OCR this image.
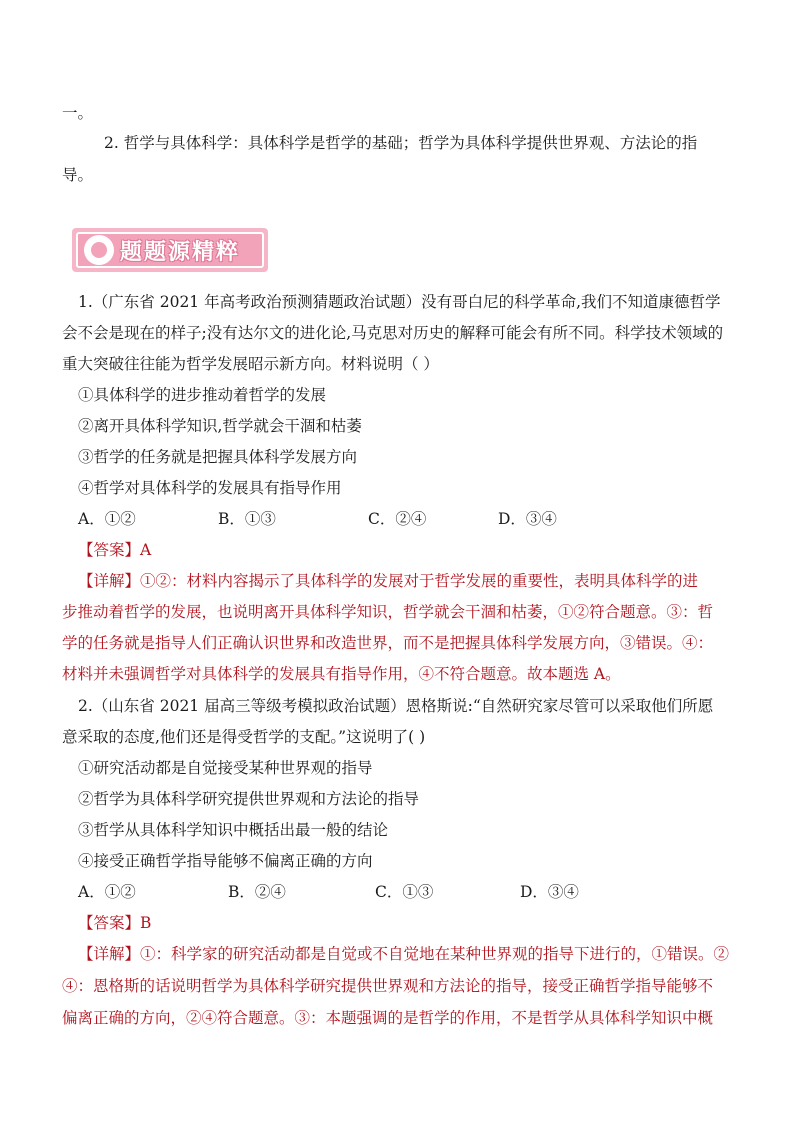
一。
2. 哲学与具体科学：具体科学是哲学的基础；哲学为具体科学提供世界观、方法论的指
导。
题题源精粹
1.（广东省 2021 年高考政治预测猜题政治试题）没有哥白尼的科学革命,我们不知道康德哲学
会不会是现在的样子;没有达尔文的进化论,马克思对历史的解释可能会有所不同。科学技术领域的
重大突破往往能为哲学发展昭示新方向。材料说明（ ）
①具体科学的进步推动着哲学的发展
②离开具体科学知识,哲学就会干涸和枯萎
③哲学的任务就是把握具体科学发展方向
④哲学对具体科学的发展具有指导作用
A．①②	B．①③	C．②④	D．③④
【答案】A
【详解】①②：材料内容揭示了具体科学的发展对于哲学发展的重要性，表明具体科学的进
步推动着哲学的发展，也说明离开具体科学知识，哲学就会干涸和枯萎，①②符合题意。③：哲
学的任务就是指导人们正确认识世界和改造世界，而不是把握具体科学发展方向，③错误。④：
材料并未强调哲学对具体科学的发展具有指导作用，④不符合题意。故本题选 A。
2.（山东省 2021 届高三等级考模拟政治试题）恩格斯说:“自然研究家尽管可以采取他们所愿
意采取的态度,他们还是得受哲学的支配。”这说明了( )
①研究活动都是自觉接受某种世界观的指导
②哲学为具体科学研究提供世界观和方法论的指导
③哲学从具体科学知识中概括出最一般的结论
④接受正确哲学指导能够不偏离正确的方向
A．①②	B．②④	C．①③	D．③④
【答案】B
【详解】①：科学家的研究活动都是自觉或不自觉地在某种世界观的指导下进行的，①错误。②
④：恩格斯的话说明哲学为具体科学研究提供世界观和方法论的指导，接受正确哲学指导能够不
偏离正确的方向，②④符合题意。③：本题强调的是哲学的作用，不是哲学从具体科学知识中概
